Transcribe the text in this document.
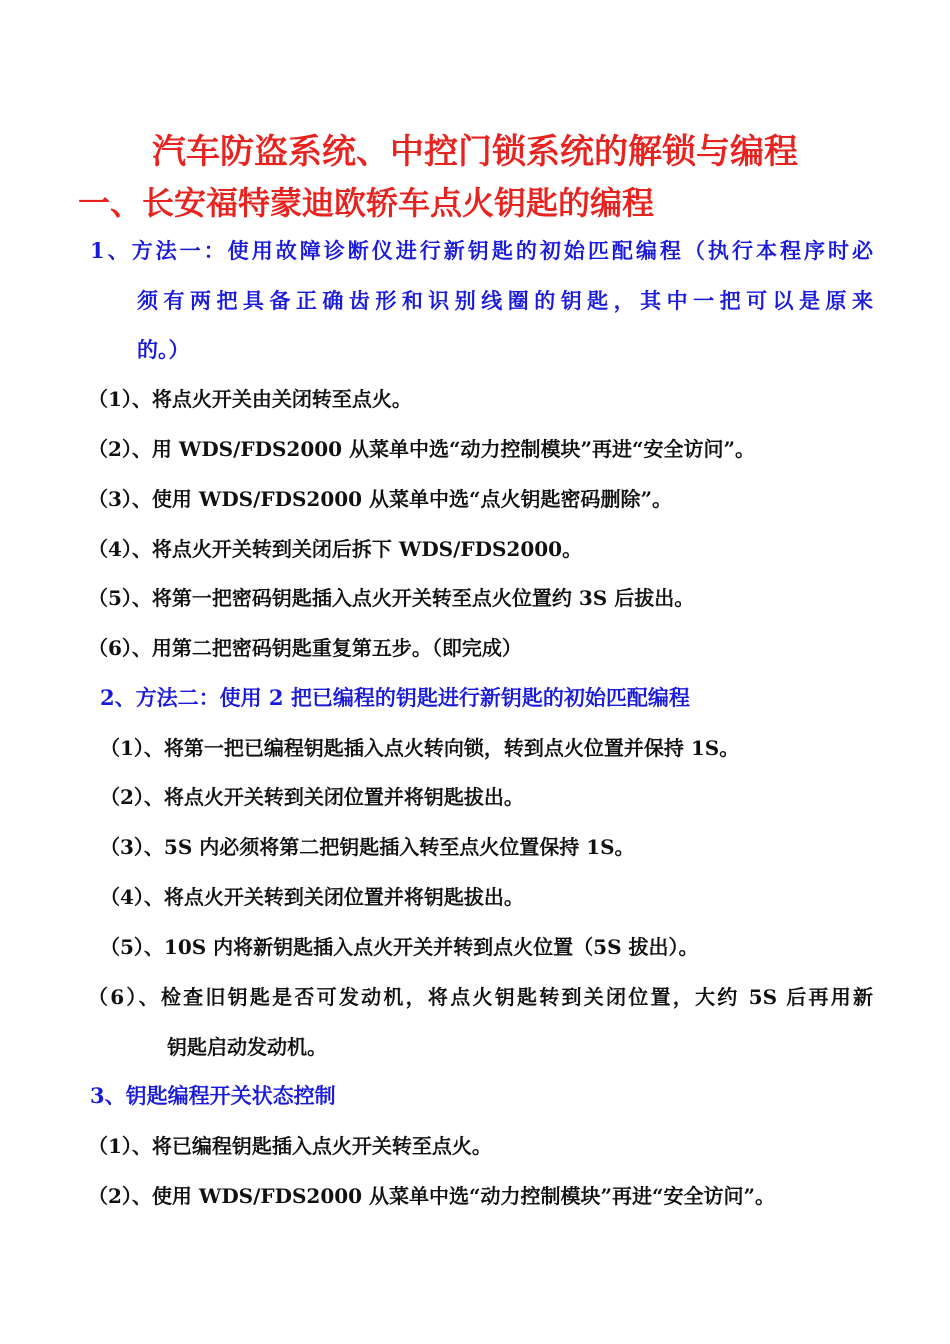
汽车防盗系统、中控门锁系统的解锁与编程
一、长安福特蒙迪欧轿车点火钥匙的编程
1、方法一：使用故障诊断仪进行新钥匙的初始匹配编程（执行本程序时必
须有两把具备正确齿形和识别线圈的钥匙，其中一把可以是原来
的。）
（1）、将点火开关由关闭转至点火。
（2）、用 WDS/FDS2000 从菜单中选“动力控制模块”再进“安全访问”。
（3）、使用 WDS/FDS2000 从菜单中选“点火钥匙密码删除”。
（4）、将点火开关转到关闭后拆下 WDS/FDS2000。
（5）、将第一把密码钥匙插入点火开关转至点火位置约 3S 后拔出。
（6）、用第二把密码钥匙重复第五步。（即完成）
2、方法二：使用 2 把已编程的钥匙进行新钥匙的初始匹配编程
（1）、将第一把已编程钥匙插入点火转向锁，转到点火位置并保持 1S。
（2）、将点火开关转到关闭位置并将钥匙拔出。
（3）、5S 内必须将第二把钥匙插入转至点火位置保持 1S。
（4）、将点火开关转到关闭位置并将钥匙拔出。
（5）、10S 内将新钥匙插入点火开关并转到点火位置（5S 拔出）。
（6）、检查旧钥匙是否可发动机，将点火钥匙转到关闭位置，大约 5S 后再用新
钥匙启动发动机。
3、钥匙编程开关状态控制
（1）、将已编程钥匙插入点火开关转至点火。
（2）、使用 WDS/FDS2000 从菜单中选“动力控制模块”再进“安全访问”。
